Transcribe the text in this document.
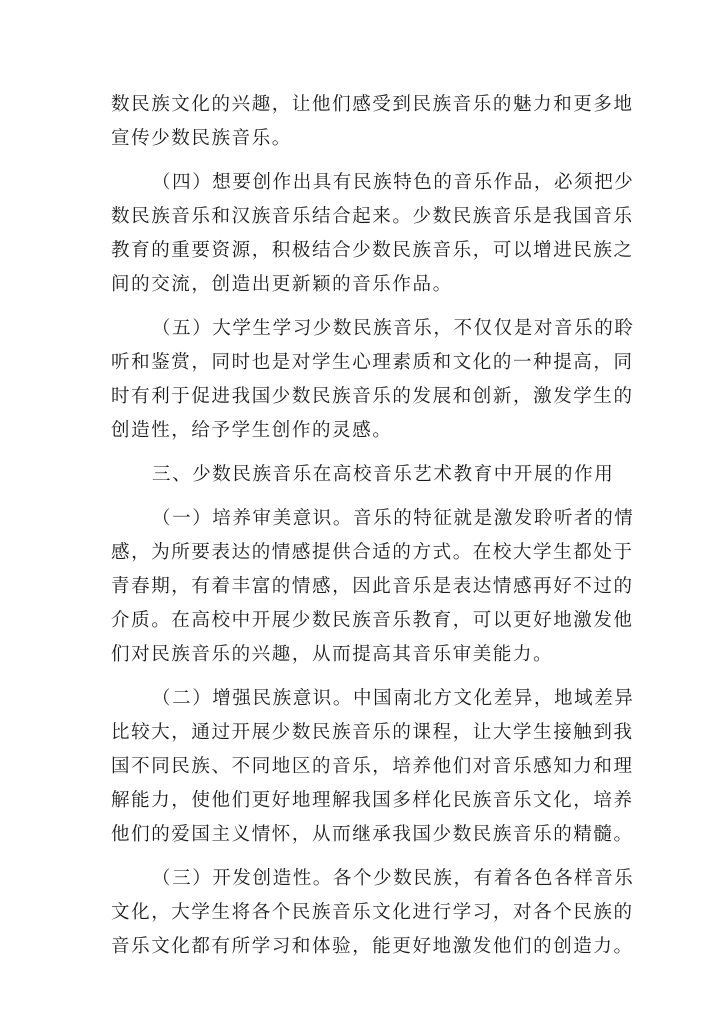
数民族文化的兴趣，让他们感受到民族音乐的魅力和更多地
宣传少数民族音乐。
（四）想要创作出具有民族特色的音乐作品，必须把少
数民族音乐和汉族音乐结合起来。少数民族音乐是我国音乐
教育的重要资源，积极结合少数民族音乐，可以增进民族之
间的交流，创造出更新颖的音乐作品。
（五）大学生学习少数民族音乐，不仅仅是对音乐的聆
听和鉴赏，同时也是对学生心理素质和文化的一种提高，同
时有利于促进我国少数民族音乐的发展和创新，激发学生的
创造性，给予学生创作的灵感。
三、少数民族音乐在高校音乐艺术教育中开展的作用
（一）培养审美意识。音乐的特征就是激发聆听者的情
感，为所要表达的情感提供合适的方式。在校大学生都处于
青春期，有着丰富的情感，因此音乐是表达情感再好不过的
介质。在高校中开展少数民族音乐教育，可以更好地激发他
们对民族音乐的兴趣，从而提高其音乐审美能力。
（二）增强民族意识。中国南北方文化差异，地域差异
比较大，通过开展少数民族音乐的课程，让大学生接触到我
国不同民族、不同地区的音乐，培养他们对音乐感知力和理
解能力，使他们更好地理解我国多样化民族音乐文化，培养
他们的爱国主义情怀，从而继承我国少数民族音乐的精髓。
（三）开发创造性。各个少数民族，有着各色各样音乐
文化，大学生将各个民族音乐文化进行学习，对各个民族的
音乐文化都有所学习和体验，能更好地激发他们的创造力。
